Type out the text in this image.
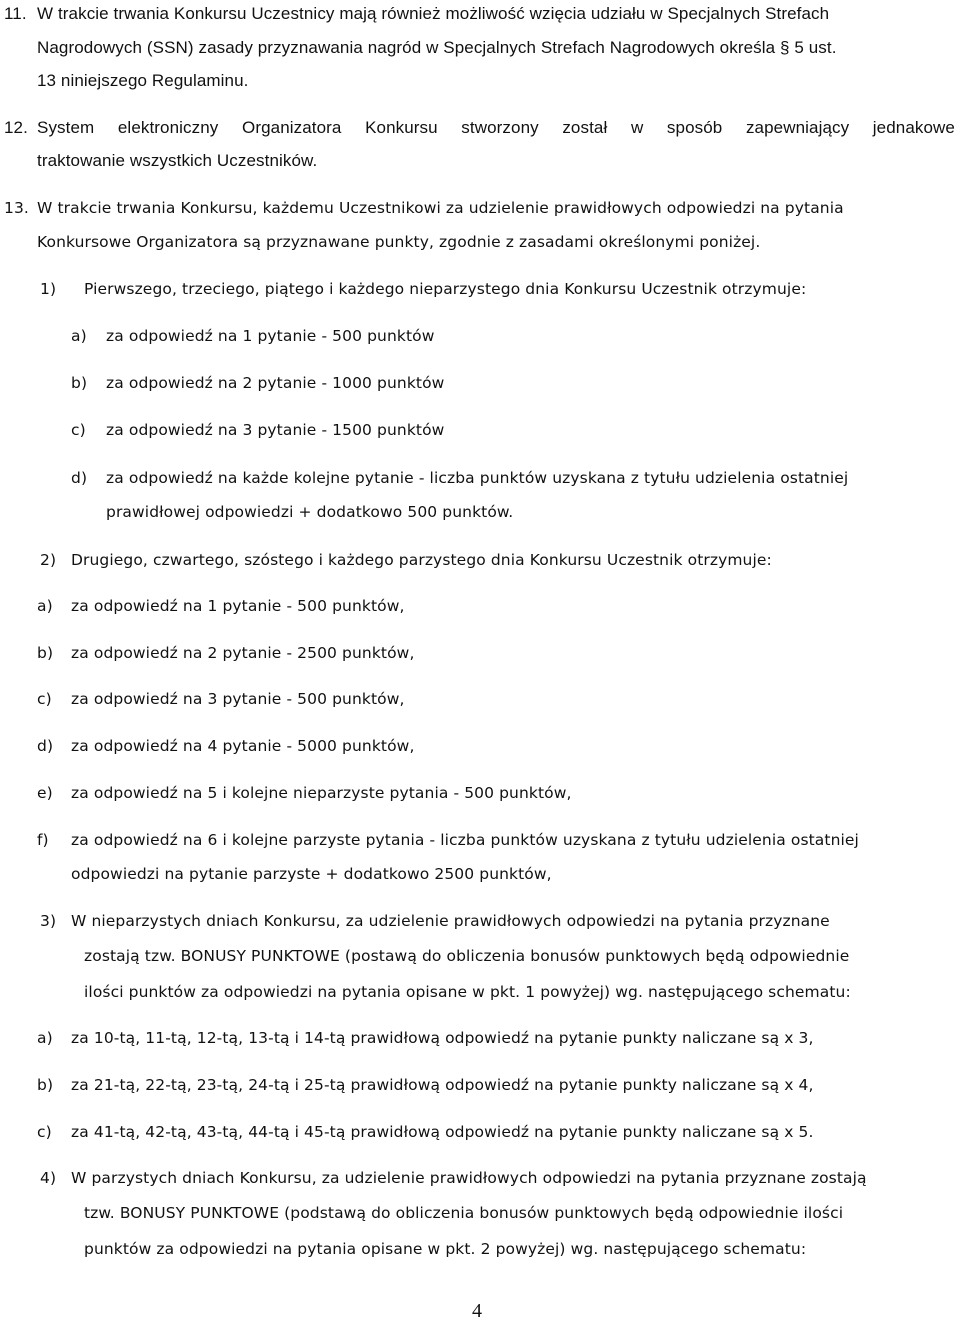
11. W trakcie trwania Konkursu Uczestnicy mają również możliwość wzięcia udziału w Specjalnych Strefach
Nagrodowych (SSN) zasady przyznawania nagród w Specjalnych Strefach Nagrodowych określa § 5 ust.
13 niniejszego Regulaminu.
12. System elektroniczny Organizatora Konkursu stworzony został w sposób zapewniający jednakowe
traktowanie wszystkich Uczestników.
13. W trakcie trwania Konkursu, każdemu Uczestnikowi za udzielenie prawidłowych odpowiedzi na pytania
Konkursowe Organizatora są przyznawane punkty, zgodnie z zasadami określonymi poniżej.
1) Pierwszego, trzeciego, piątego i każdego nieparzystego dnia Konkursu Uczestnik otrzymuje:
a) za odpowiedź na 1 pytanie - 500 punktów
b) za odpowiedź na 2 pytanie - 1000 punktów
c) za odpowiedź na 3 pytanie - 1500 punktów
d) za odpowiedź na każde kolejne pytanie - liczba punktów uzyskana z tytułu udzielenia ostatniej
prawidłowej odpowiedzi + dodatkowo 500 punktów.
2) Drugiego, czwartego, szóstego i każdego parzystego dnia Konkursu Uczestnik otrzymuje:
a) za odpowiedź na 1 pytanie - 500 punktów,
b) za odpowiedź na 2 pytanie - 2500 punktów,
c) za odpowiedź na 3 pytanie - 500 punktów,
d) za odpowiedź na 4 pytanie - 5000 punktów,
e) za odpowiedź na 5 i kolejne nieparzyste pytania - 500 punktów,
f) za odpowiedź na 6 i kolejne parzyste pytania - liczba punktów uzyskana z tytułu udzielenia ostatniej
odpowiedzi na pytanie parzyste + dodatkowo 2500 punktów,
3) W nieparzystych dniach Konkursu, za udzielenie prawidłowych odpowiedzi na pytania przyznane
zostają tzw. BONUSY PUNKTOWE (postawą do obliczenia bonusów punktowych będą odpowiednie
ilości punktów za odpowiedzi na pytania opisane w pkt. 1 powyżej) wg. następującego schematu:
a) za 10-tą, 11-tą, 12-tą, 13-tą i 14-tą prawidłową odpowiedź na pytanie punkty naliczane są x 3,
b) za 21-tą, 22-tą, 23-tą, 24-tą i 25-tą prawidłową odpowiedź na pytanie punkty naliczane są x 4,
c) za 41-tą, 42-tą, 43-tą, 44-tą i 45-tą prawidłową odpowiedź na pytanie punkty naliczane są x 5.
4) W parzystych dniach Konkursu, za udzielenie prawidłowych odpowiedzi na pytania przyznane zostają
tzw. BONUSY PUNKTOWE (podstawą do obliczenia bonusów punktowych będą odpowiednie ilości
punktów za odpowiedzi na pytania opisane w pkt. 2 powyżej) wg. następującego schematu:
4
